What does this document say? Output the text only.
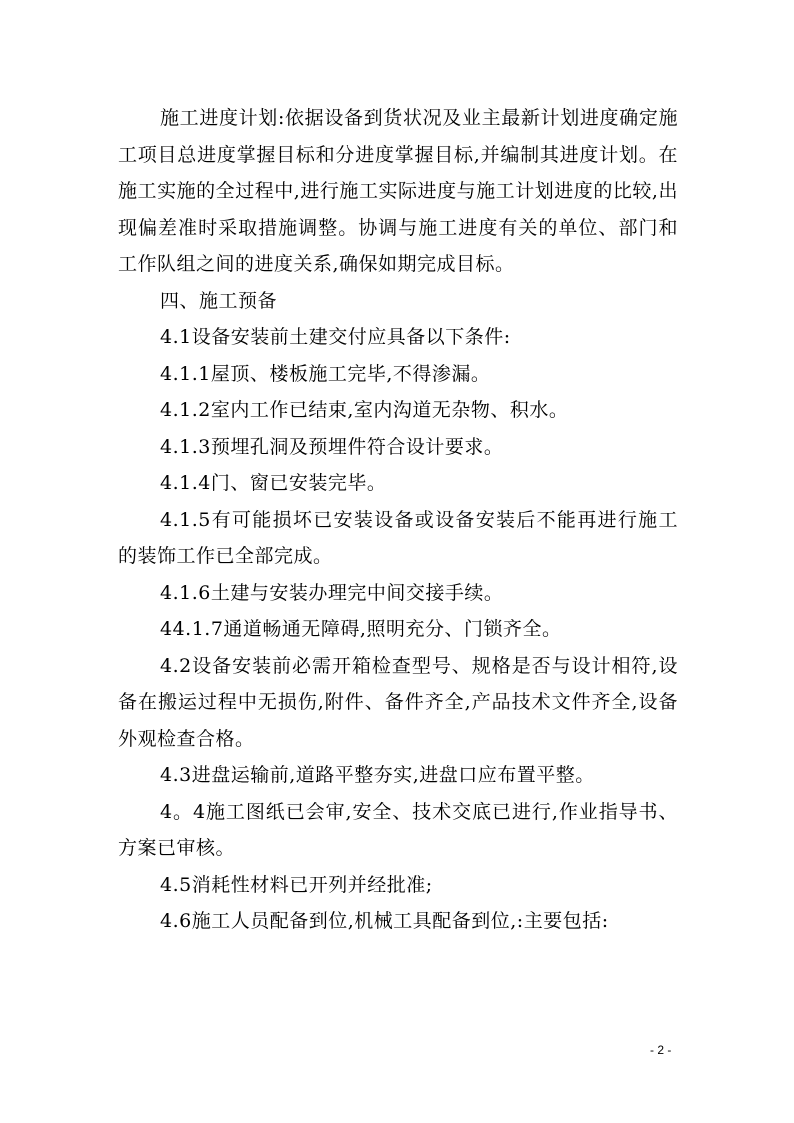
施工进度计划:依据设备到货状况及业主最新计划进度确定施工项目总进度掌握目标和分进度掌握目标,并编制其进度计划。在施工实施的全过程中,进行施工实际进度与施工计划进度的比较,出现偏差准时采取措施调整。协调与施工进度有关的单位、部门和工作队组之间的进度关系,确保如期完成目标。

四、施工预备

4.1设备安装前土建交付应具备以下条件:

4.1.1屋顶、楼板施工完毕,不得渗漏。

4.1.2室内工作已结束,室内沟道无杂物、积水。

4.1.3预埋孔洞及预埋件符合设计要求。

4.1.4门、窗已安装完毕。

4.1.5有可能损坏已安装设备或设备安装后不能再进行施工的装饰工作已全部完成。

4.1.6土建与安装办理完中间交接手续。

44.1.7通道畅通无障碍,照明充分、门锁齐全。

4.2设备安装前必需开箱检查型号、规格是否与设计相符,设备在搬运过程中无损伤,附件、备件齐全,产品技术文件齐全,设备外观检查合格。

4.3进盘运输前,道路平整夯实,进盘口应布置平整。

4。4施工图纸已会审,安全、技术交底已进行,作业指导书、方案已审核。

4.5消耗性材料已开列并经批准;

4.6施工人员配备到位,机械工具配备到位,:主要包括:

- 2 -
